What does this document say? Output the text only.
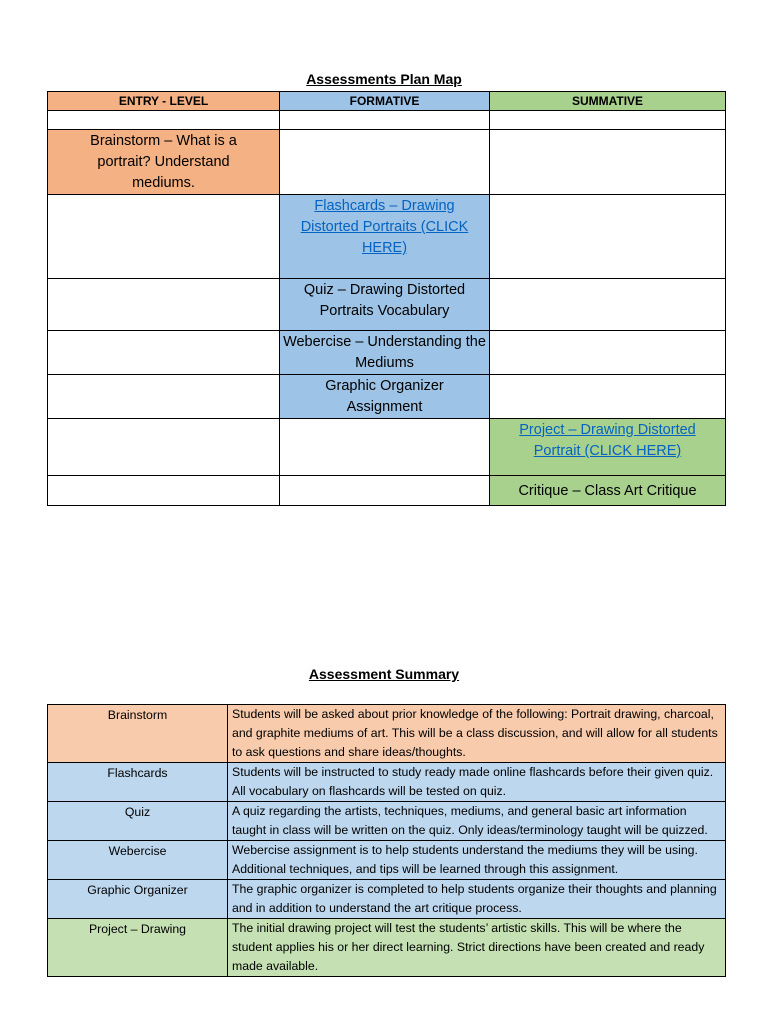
Assessments Plan Map
ENTRY - LEVEL	FORMATIVE	SUMMATIVE

Brainstorm – What is a portrait? Understand mediums.		

	Flashcards – Drawing Distorted Portraits (CLICK HERE)	

	Quiz – Drawing Distorted Portraits Vocabulary	

	Webercise – Understanding the Mediums	

	Graphic Organizer Assignment	

		Project – Drawing Distorted Portrait (CLICK HERE)

		Critique – Class Art Critique
Assessment Summary
Brainstorm	Students will be asked about prior knowledge of the following: Portrait drawing, charcoal, and graphite mediums of art. This will be a class discussion, and will allow for all students to ask questions and share ideas/thoughts.
Flashcards	Students will be instructed to study ready made online flashcards before their given quiz. All vocabulary on flashcards will be tested on quiz.
Quiz	A quiz regarding the artists, techniques, mediums, and general basic art information taught in class will be written on the quiz. Only ideas/terminology taught will be quizzed.
Webercise	Webercise assignment is to help students understand the mediums they will be using. Additional techniques, and tips will be learned through this assignment.
Graphic Organizer	The graphic organizer is completed to help students organize their thoughts and planning and in addition to understand the art critique process.
Project – Drawing	The initial drawing project will test the students’ artistic skills. This will be where the student applies his or her direct learning. Strict directions have been created and ready made available.
